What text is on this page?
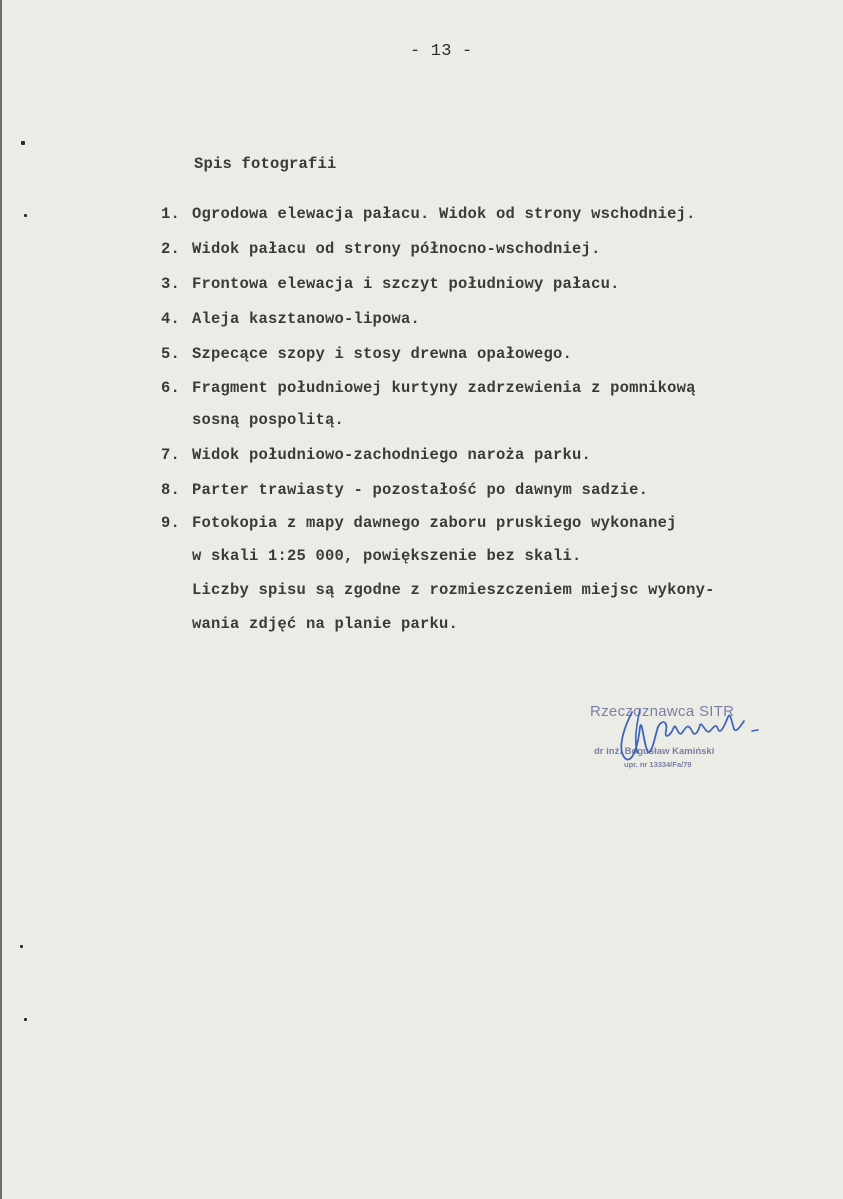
- 13 -
Spis fotografii
1. Ogrodowa elewacja pałacu. Widok od strony wschodniej.
2. Widok pałacu od strony północno-wschodniej.
3. Frontowa elewacja i szczyt południowy pałacu.
4. Aleja kasztanowo-lipowa.
5. Szpecące szopy i stosy drewna opałowego.
6. Fragment południowej kurtyny zadrzewienia z pomnikową
sosną pospolitą.
7. Widok południowo-zachodniego naroża parku.
8. Parter trawiasty - pozostałość po dawnym sadzie.
9. Fotokopia z mapy dawnego zaboru pruskiego wykonanej
w skali 1:25 000, powiększenie bez skali.
Liczby spisu są zgodne z rozmieszczeniem miejsc wykony-
wania zdjęć na planie parku.
Rzeczoznawca SITR
dr inż. Bogusław Kamiński
upr. nr 13334/Fa/79
